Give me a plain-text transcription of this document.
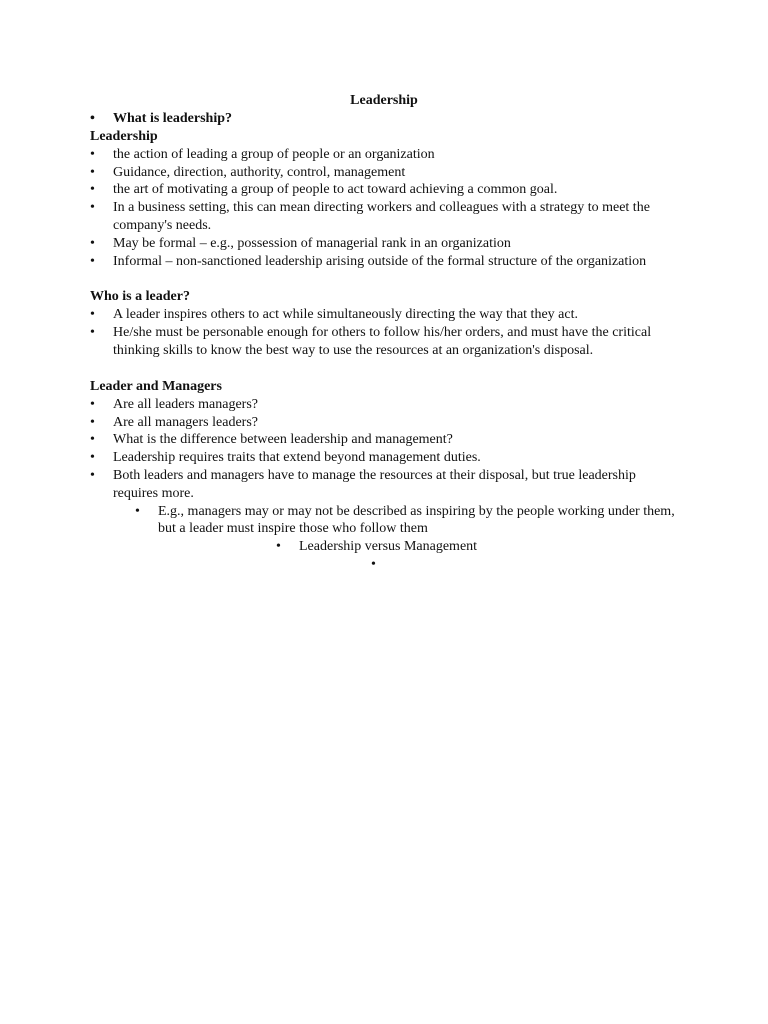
Leadership
• What is leadership?
Leadership
• the action of leading a group of people or an organization
• Guidance, direction, authority, control, management
• the art of motivating a group of people to act toward achieving a common goal.
• In a business setting, this can mean directing workers and colleagues with a strategy to meet the company's needs.
• May be formal – e.g., possession of managerial rank in an organization
• Informal – non-sanctioned leadership arising outside of the formal structure of the organization
Who is a leader?
• A leader inspires others to act while simultaneously directing the way that they act.
• He/she must be personable enough for others to follow his/her orders, and must have the critical thinking skills to know the best way to use the resources at an organization's disposal.
Leader and Managers
• Are all leaders managers?
• Are all managers leaders?
• What is the difference between leadership and management?
• Leadership requires traits that extend beyond management duties.
• Both leaders and managers have to manage the resources at their disposal, but true leadership requires more.
• E.g., managers may or may not be described as inspiring by the people working under them, but a leader must inspire those who follow them
• Leadership versus Management
•
